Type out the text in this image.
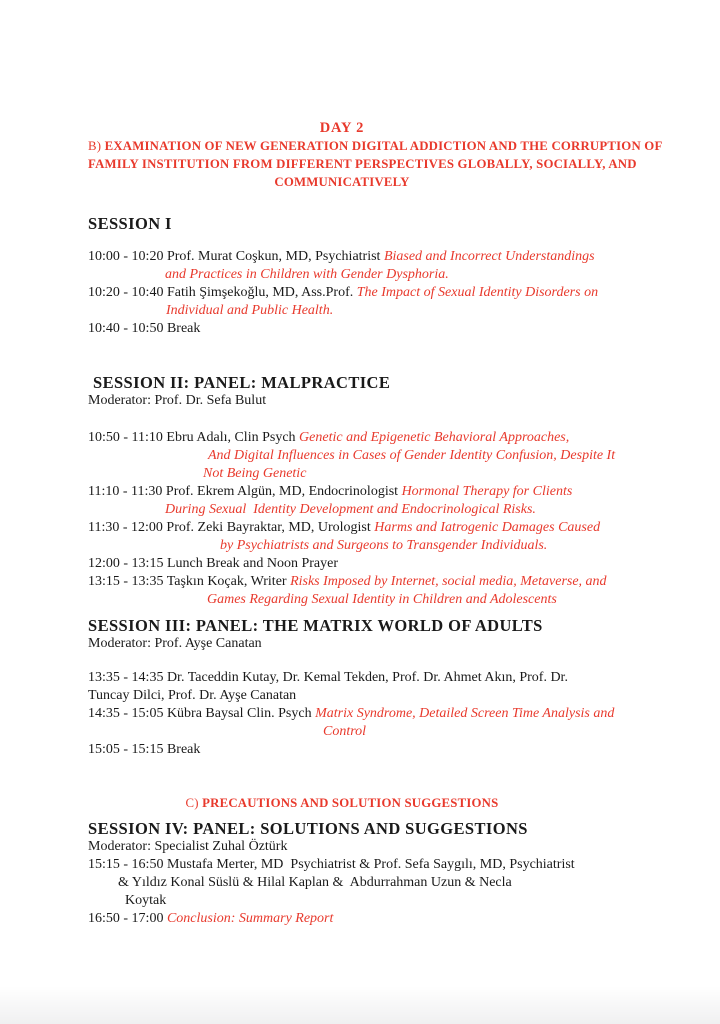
DAY 2

B) EXAMINATION OF NEW GENERATION DIGITAL ADDICTION AND THE CORRUPTION OF

FAMILY INSTITUTION FROM DIFFERENT PERSPECTIVES GLOBALLY, SOCIALLY, AND

COMMUNICATIVELY

SESSION I

10:00 - 10:20 Prof. Murat Coşkun, MD, Psychiatrist Biased and Incorrect Understandings

and Practices in Children with Gender Dysphoria.

10:20 - 10:40 Fatih Şimşekoğlu, MD, Ass.Prof. The Impact of Sexual Identity Disorders on

Individual and Public Health.

10:40 - 10:50 Break

SESSION II: PANEL: MALPRACTICE

Moderator: Prof. Dr. Sefa Bulut

10:50 - 11:10 Ebru Adalı, Clin Psych Genetic and Epigenetic Behavioral Approaches,

And Digital Influences in Cases of Gender Identity Confusion, Despite It

Not Being Genetic

11:10 - 11:30 Prof. Ekrem Algün, MD, Endocrinologist Hormonal Therapy for Clients

During Sexual  Identity Development and Endocrinological Risks.

11:30 - 12:00 Prof. Zeki Bayraktar, MD, Urologist Harms and Iatrogenic Damages Caused

by Psychiatrists and Surgeons to Transgender Individuals.

12:00 - 13:15 Lunch Break and Noon Prayer

13:15 - 13:35 Taşkın Koçak, Writer Risks Imposed by Internet, social media, Metaverse, and

Games Regarding Sexual Identity in Children and Adolescents

SESSION III: PANEL: THE MATRIX WORLD OF ADULTS

Moderator: Prof. Ayşe Canatan

13:35 - 14:35 Dr. Taceddin Kutay, Dr. Kemal Tekden, Prof. Dr. Ahmet Akın, Prof. Dr.

Tuncay Dilci, Prof. Dr. Ayşe Canatan

14:35 - 15:05 Kübra Baysal Clin. Psych Matrix Syndrome, Detailed Screen Time Analysis and

Control

15:05 - 15:15 Break

C) PRECAUTIONS AND SOLUTION SUGGESTIONS

SESSION IV: PANEL: SOLUTIONS AND SUGGESTIONS

Moderator: Specialist Zuhal Öztürk

15:15 - 16:50 Mustafa Merter, MD  Psychiatrist & Prof. Sefa Saygılı, MD, Psychiatrist

& Yıldız Konal Süslü & Hilal Kaplan &  Abdurrahman Uzun & Necla

Koytak

16:50 - 17:00 Conclusion: Summary Report
